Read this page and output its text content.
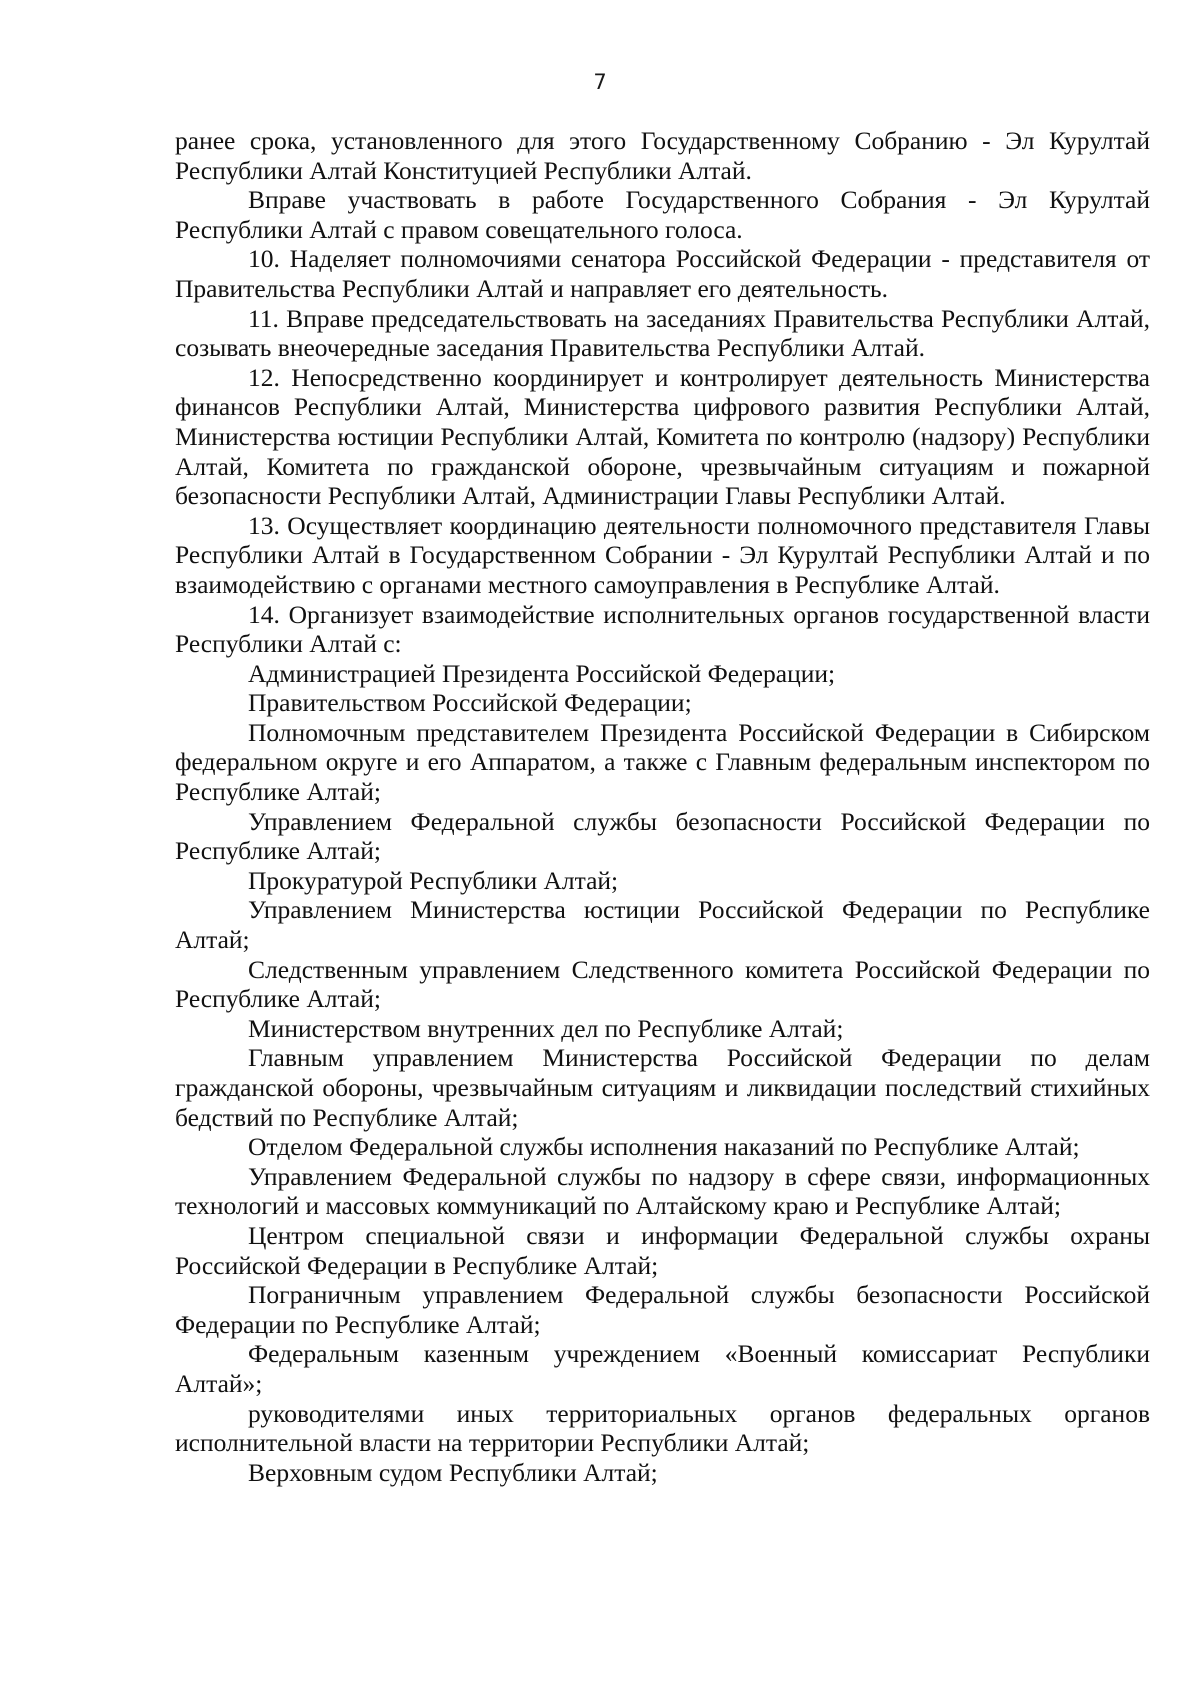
7

ранее срока, установленного для этого Государственному Собранию - Эл Курултай Республики Алтай Конституцией Республики Алтай.

Вправе участвовать в работе Государственного Собрания - Эл Курултай Республики Алтай с правом совещательного голоса.

10. Наделяет полномочиями сенатора Российской Федерации - представителя от Правительства Республики Алтай и направляет его деятельность.

11. Вправе председательствовать на заседаниях Правительства Республики Алтай, созывать внеочередные заседания Правительства Республики Алтай.

12. Непосредственно координирует и контролирует деятельность Министерства финансов Республики Алтай, Министерства цифрового развития Республики Алтай, Министерства юстиции Республики Алтай, Комитета по контролю (надзору) Республики Алтай, Комитета по гражданской обороне, чрезвычайным ситуациям и пожарной безопасности Республики Алтай, Администрации Главы Республики Алтай.

13. Осуществляет координацию деятельности полномочного представителя Главы Республики Алтай в Государственном Собрании - Эл Курултай Республики Алтай и по взаимодействию с органами местного самоуправления в Республике Алтай.

14. Организует взаимодействие исполнительных органов государственной власти Республики Алтай с:

Администрацией Президента Российской Федерации;

Правительством Российской Федерации;

Полномочным представителем Президента Российской Федерации в Сибирском федеральном округе и его Аппаратом, а также с Главным федеральным инспектором по Республике Алтай;

Управлением Федеральной службы безопасности Российской Федерации по Республике Алтай;

Прокуратурой Республики Алтай;

Управлением Министерства юстиции Российской Федерации по Республике Алтай;

Следственным управлением Следственного комитета Российской Федерации по Республике Алтай;

Министерством внутренних дел по Республике Алтай;

Главным управлением Министерства Российской Федерации по делам гражданской обороны, чрезвычайным ситуациям и ликвидации последствий стихийных бедствий по Республике Алтай;

Отделом Федеральной службы исполнения наказаний по Республике Алтай;

Управлением Федеральной службы по надзору в сфере связи, информационных технологий и массовых коммуникаций по Алтайскому краю и Республике Алтай;

Центром специальной связи и информации Федеральной службы охраны Российской Федерации в Республике Алтай;

Пограничным управлением Федеральной службы безопасности Российской Федерации по Республике Алтай;

Федеральным казенным учреждением «Военный комиссариат Республики Алтай»;

руководителями иных территориальных органов федеральных органов исполнительной власти на территории Республики Алтай;

Верховным судом Республики Алтай;
